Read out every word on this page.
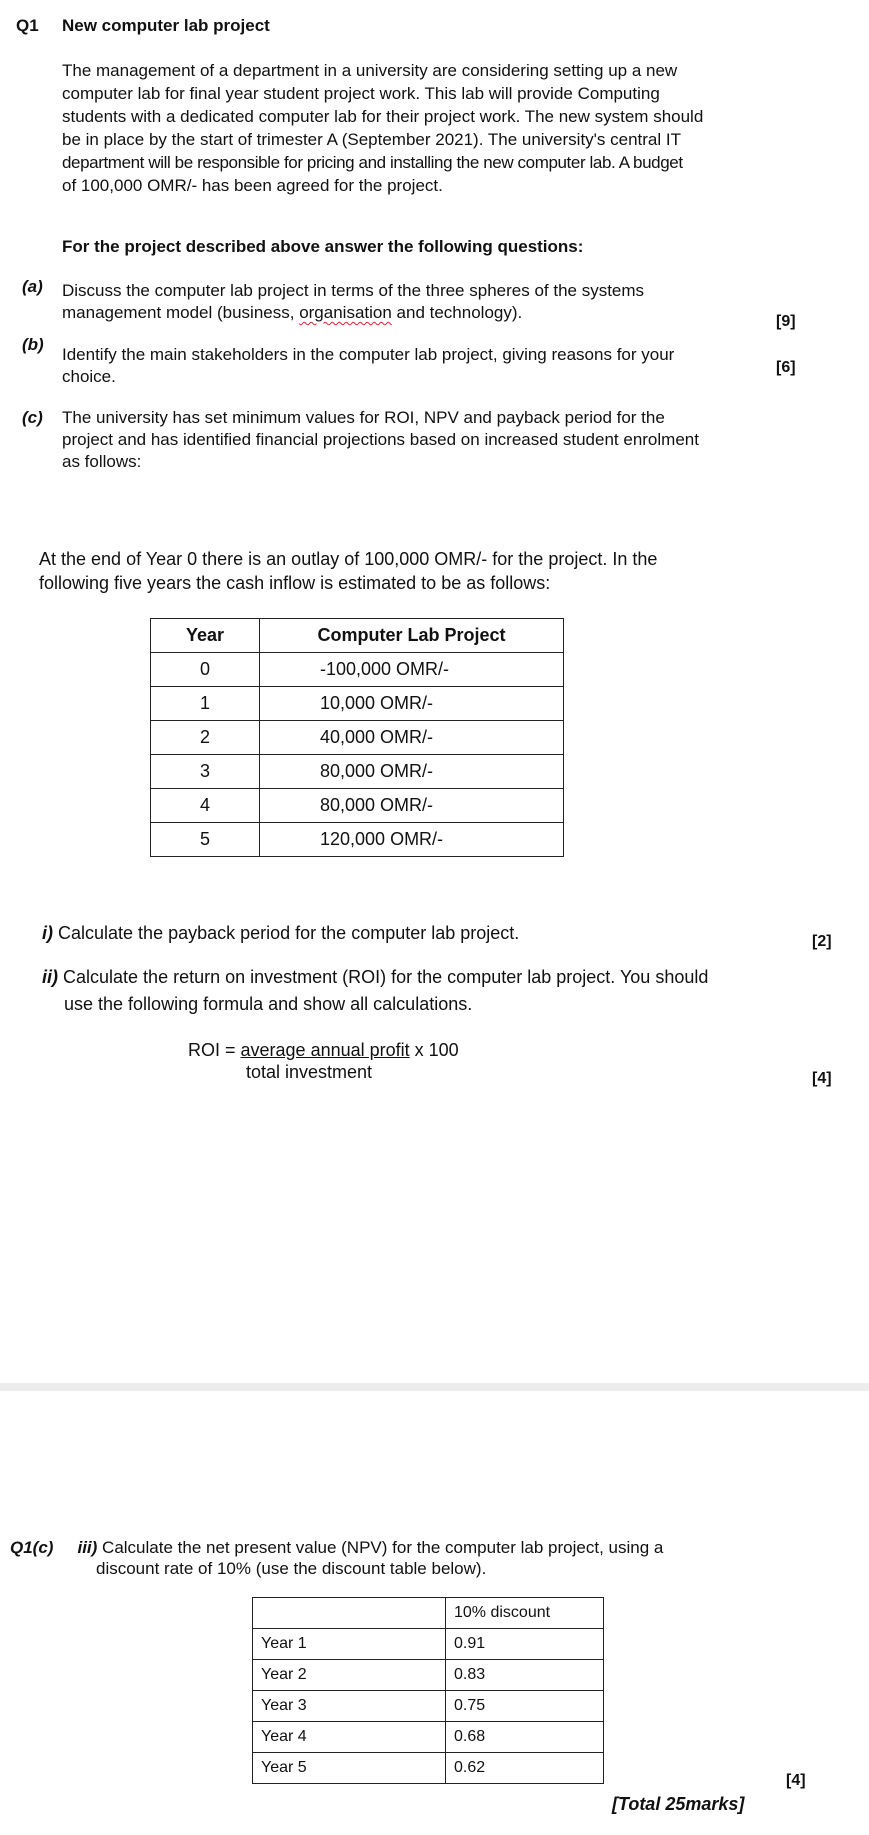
Q1 New computer lab project
The management of a department in a university are considering setting up a new
computer lab for final year student project work. This lab will provide Computing
students with a dedicated computer lab for their project work. The new system should
be in place by the start of trimester A (September 2021). The university's central IT
department will be responsible for pricing and installing the new computer lab. A budget
of 100,000 OMR/- has been agreed for the project.
For the project described above answer the following questions:
(a) Discuss the computer lab project in terms of the three spheres of the systems
management model (business, organisation and technology).	[9]
(b)
Identify the main stakeholders in the computer lab project, giving reasons for your
choice.	[6]
(c) The university has set minimum values for ROI, NPV and payback period for the
project and has identified financial projections based on increased student enrolment
as follows:
At the end of Year 0 there is an outlay of 100,000 OMR/- for the project. In the
following five years the cash inflow is estimated to be as follows:
Year	Computer Lab Project
0	-100,000 OMR/-
1	10,000 OMR/-
2	40,000 OMR/-
3	80,000 OMR/-
4	80,000 OMR/-
5	120,000 OMR/-
i) Calculate the payback period for the computer lab project.	[2]
ii) Calculate the return on investment (ROI) for the computer lab project. You should
use the following formula and show all calculations.
ROI = average annual profit x 100
total investment	[4]
Q1(c) iii) Calculate the net present value (NPV) for the computer lab project, using a
discount rate of 10% (use the discount table below).
	10% discount
Year 1	0.91
Year 2	0.83
Year 3	0.75
Year 4	0.68
Year 5	0.62
[4]
[Total 25marks]
